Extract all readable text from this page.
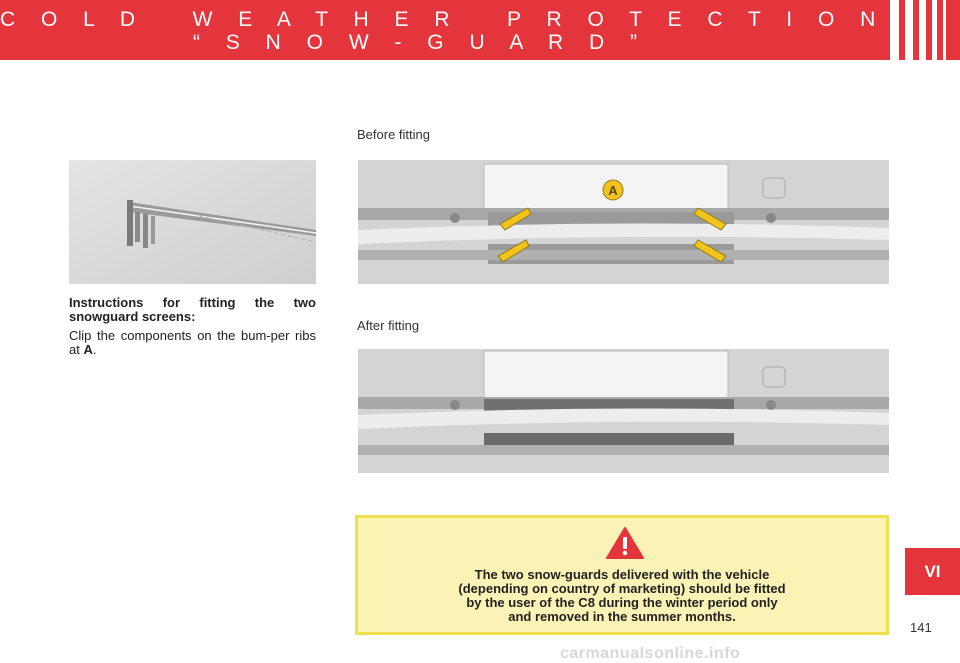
C O L D   W E A T H E R   P R O T E C T I O N
“ S N O W - G U A R D ”

Instructions for fitting the two snowguard screens:

Clip the components on the bum-per ribs at A.

Before fitting
A
After fitting
The two snow-guards delivered with the vehicle
(depending on country of marketing) should be fitted
by the user of the C8 during the winter period only
and removed in the summer months.
VI
141
carmanualsonline.info
